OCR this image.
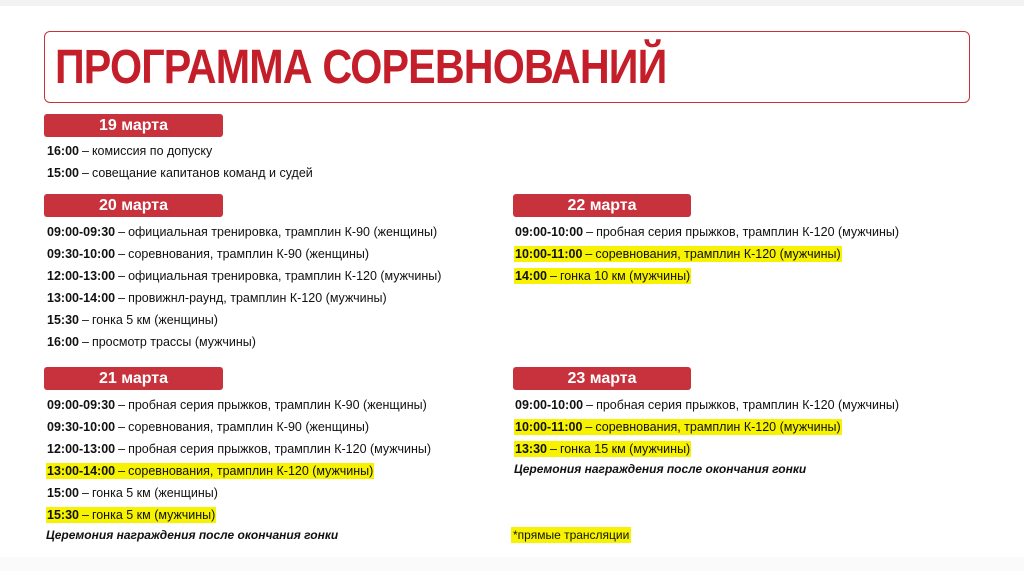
ПРОГРАММА СОРЕВНОВАНИЙ
19 марта
16:00 – комиссия по допуску
15:00 – совещание капитанов команд и судей
20 марта
09:00-09:30 – официальная тренировка, трамплин К-90 (женщины)
09:30-10:00 – соревнования, трамплин К-90 (женщины)
12:00-13:00 – официальная тренировка, трамплин К-120 (мужчины)
13:00-14:00 – провижнл-раунд, трамплин К-120 (мужчины)
15:30 – гонка 5 км (женщины)
16:00 – просмотр трассы (мужчины)
21 марта
09:00-09:30 – пробная серия прыжков, трамплин К-90 (женщины)
09:30-10:00 – соревнования, трамплин К-90 (женщины)
12:00-13:00 – пробная серия прыжков, трамплин К-120 (мужчины)
13:00-14:00 – соревнования, трамплин К-120 (мужчины)
15:00 – гонка 5 км (женщины)
15:30 – гонка 5 км (мужчины)
Церемония награждения после окончания гонки
22 марта
09:00-10:00 – пробная серия прыжков, трамплин К-120 (мужчины)
10:00-11:00 – соревнования, трамплин К-120 (мужчины)
14:00 – гонка 10 км (мужчины)
23 марта
09:00-10:00 – пробная серия прыжков, трамплин К-120 (мужчины)
10:00-11:00 – соревнования, трамплин К-120 (мужчины)
13:30 – гонка 15 км (мужчины)
Церемония награждения после окончания гонки
*прямые трансляции
